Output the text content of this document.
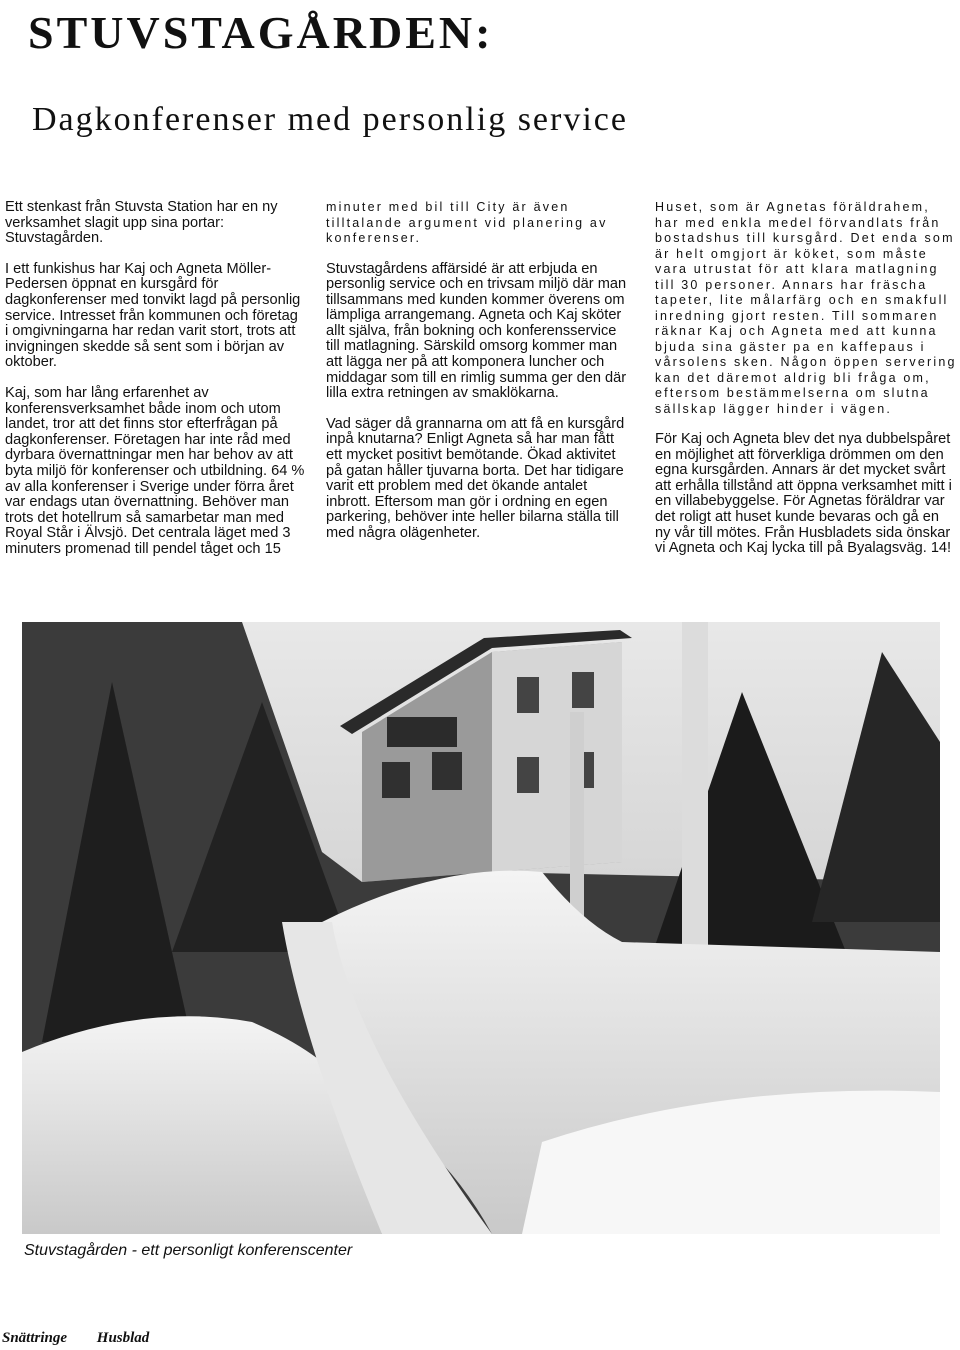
STUVSTAGÅRDEN:
Dagkonferenser med personlig service

Ett stenkast från Stuvsta Station har en ny verksamhet slagit upp sina portar: Stuvstagården.

I ett funkishus har Kaj och Agneta Möller-Pedersen öppnat en kursgård för dagkonferenser med tonvikt lagd på personlig service. Intresset från kommunen och företag i omgivningarna har redan varit stort, trots att invigningen skedde så sent som i början av oktober.

Kaj, som har lång erfarenhet av konferensverksamhet både inom och utom landet, tror att det finns stor efterfrågan på dagkonferenser. Företagen har inte råd med dyrbara övernattningar men har behov av att byta miljö för konferenser och utbildning. 64 % av alla konferenser i Sverige under förra året var endags utan övernattning. Behöver man trots det hotellrum så samarbetar man med Royal Står i Älvsjö. Det centrala läget med 3 minuters promenad till pendel tåget och 15

minuter med bil till City är även tilltalande argument vid planering av konferenser.

Stuvstagårdens affärsidé är att erbjuda en personlig service och en trivsam miljö där man tillsammans med kunden kommer överens om lämpliga arrangemang. Agneta och Kaj sköter allt själva, från bokning och konferensservice till matlagning. Särskild omsorg kommer man att lägga ner på att komponera luncher och middagar som till en rimlig summa ger den där lilla extra retningen av smaklökarna.

Vad säger då grannarna om att få en kursgård inpå knutarna? Enligt Agneta så har man fått ett mycket positivt bemötande. Ökad aktivitet på gatan håller tjuvarna borta. Det har tidigare varit ett problem med det ökande antalet inbrott. Eftersom man gör i ordning en egen parkering, behöver inte heller bilarna ställa till med några olägenheter.

Huset, som är Agnetas föräldrahem, har med enkla medel förvandlats från bostadshus till kursgård. Det enda som är helt omgjort är köket, som måste vara utrustat för att klara matlagning till 30 personer. Annars har fräscha tapeter, lite målarfärg och en smakfull inredning gjort resten. Till sommaren räknar Kaj och Agneta med att kunna bjuda sina gäster pa en kaffepaus i vårsolens sken. Någon öppen servering kan det däremot aldrig bli fråga om, eftersom bestämmelserna om slutna sällskap lägger hinder i vägen.

För Kaj och Agneta blev det nya dubbelspåret en möjlighet att förverkliga drömmen om den egna kursgården. Annars är det mycket svårt att erhålla tillstånd att öppna verksamhet mitt i en villabebyggelse. För Agnetas föräldrar var det roligt att huset kunde bevaras och gå en ny vår till mötes. Från Husbladets sida önskar vi Agneta och Kaj lycka till på Byalagsväg. 14!

Stuvstagården - ett personligt konferenscenter

Snättringe Husblad
